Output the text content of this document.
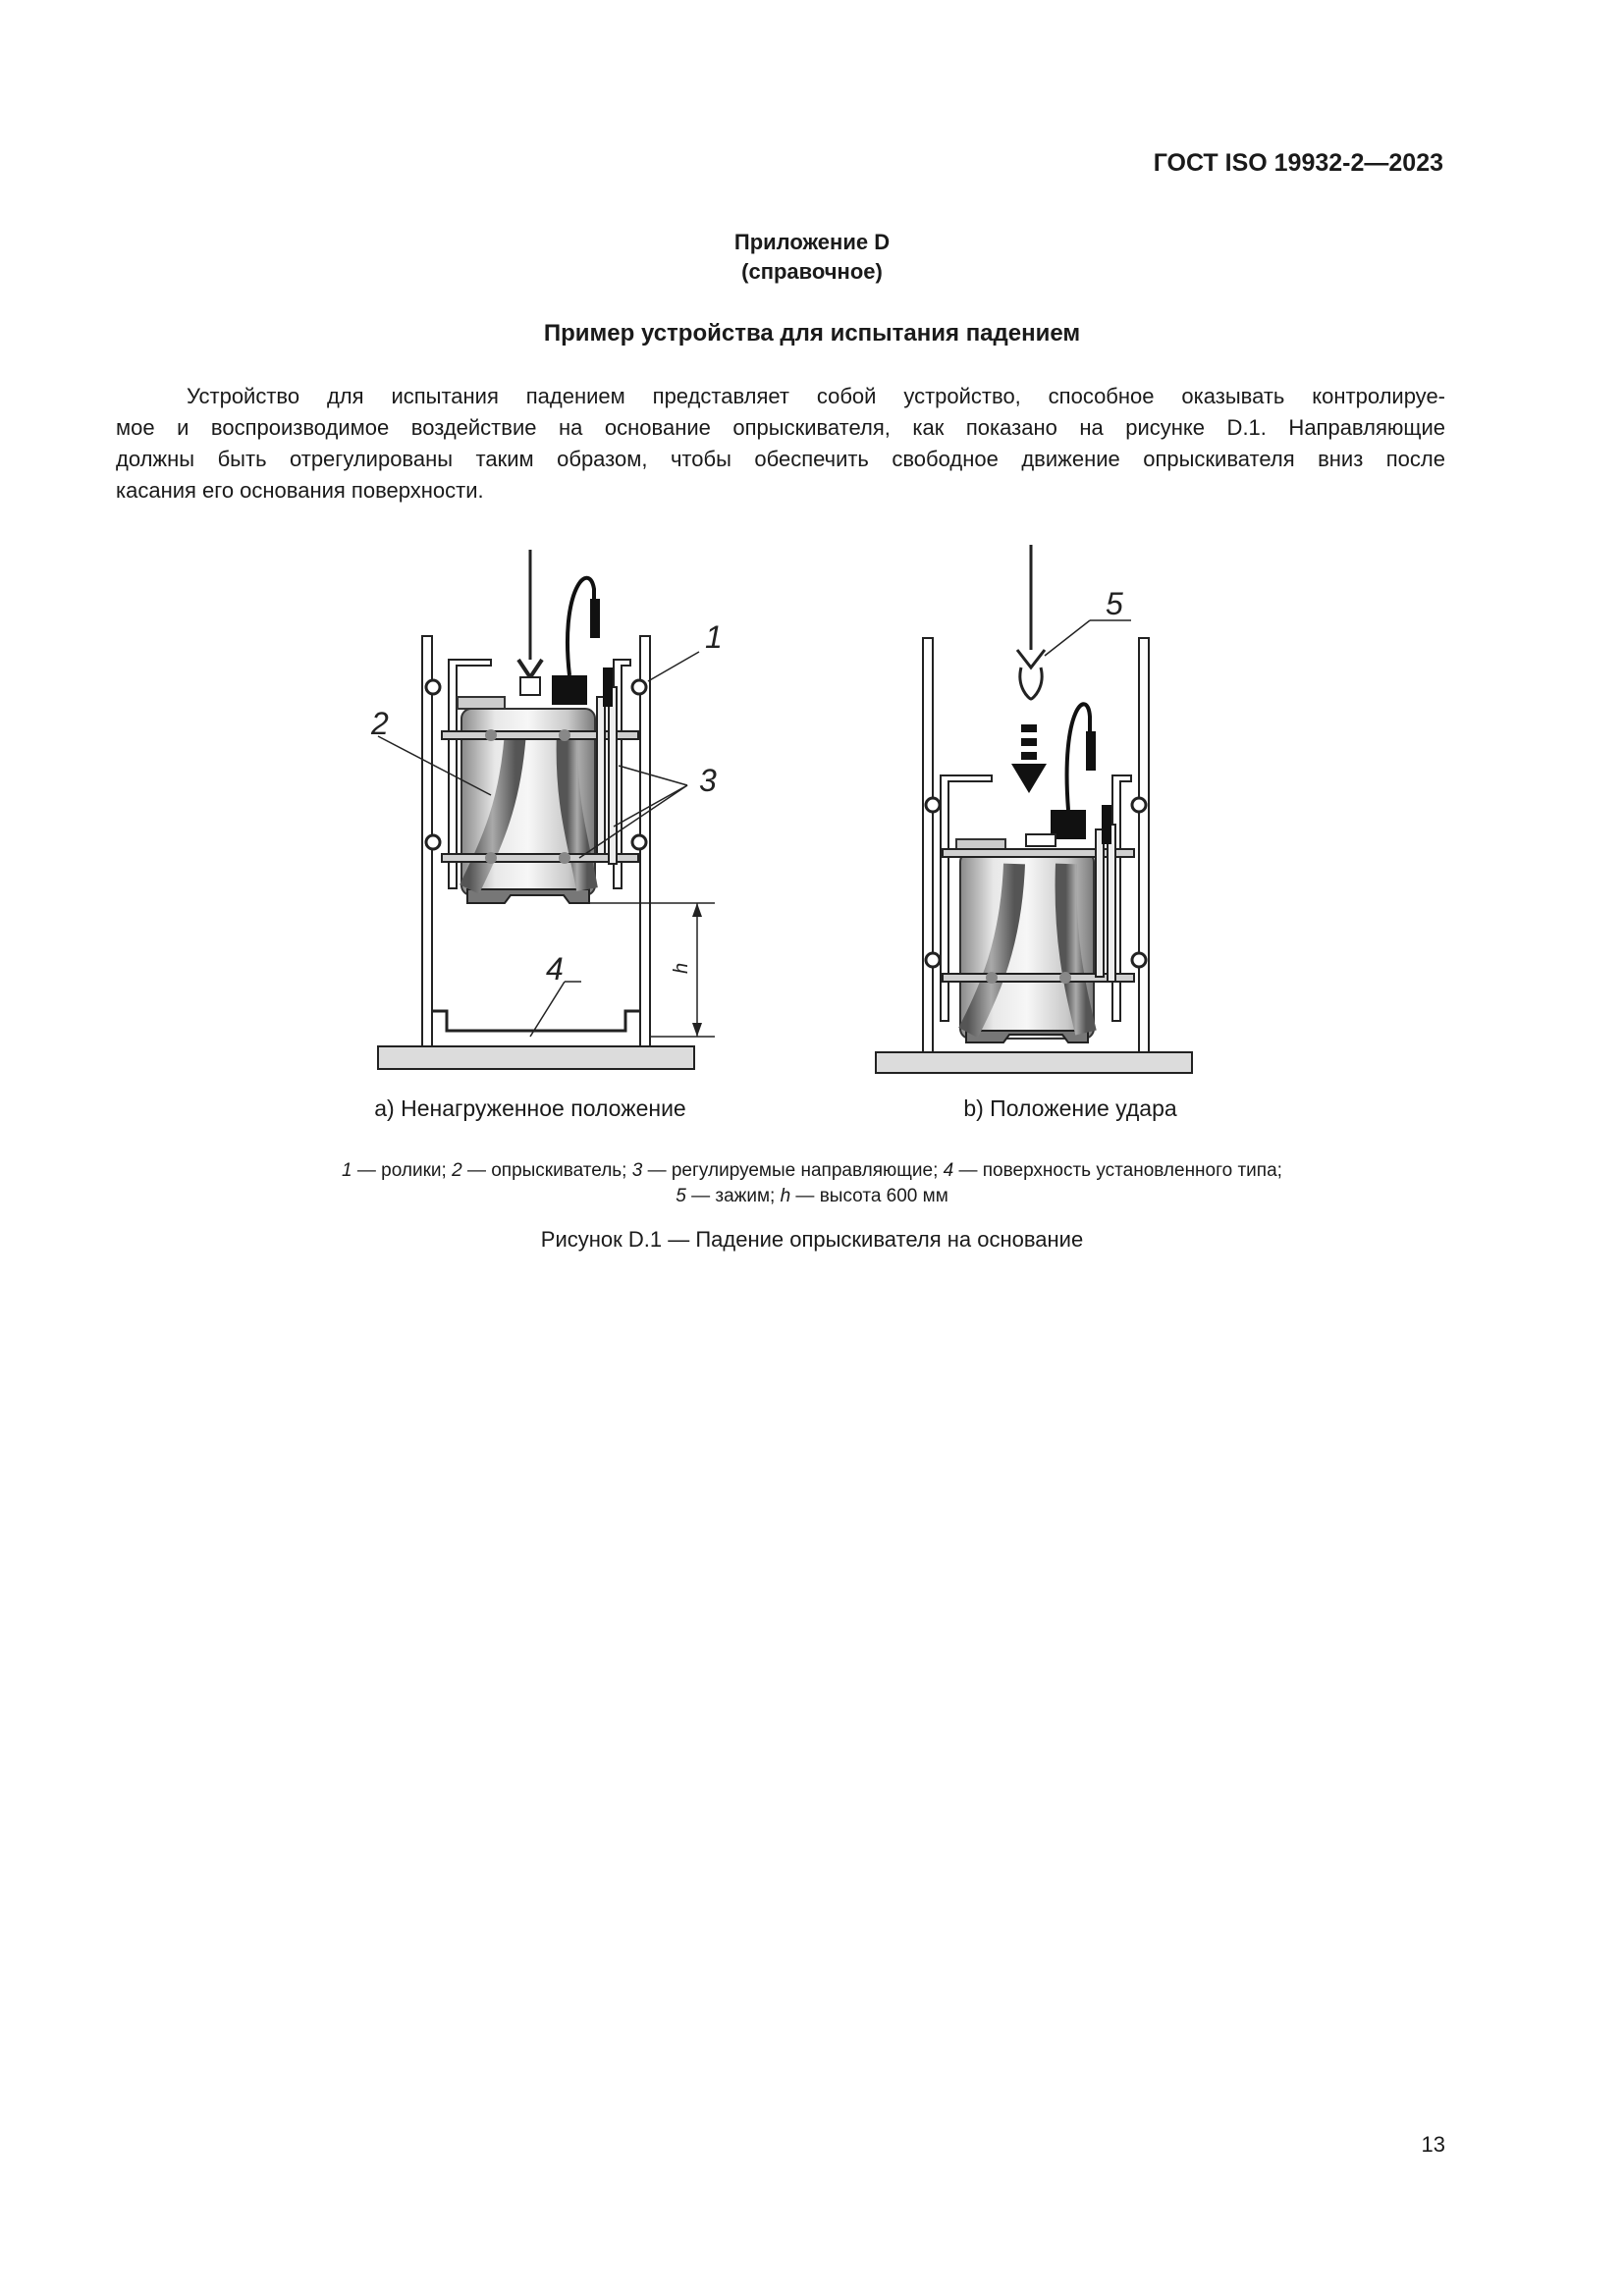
ГОСТ ISO 19932-2—2023
Приложение D
(справочное)
Пример устройства для испытания падением
Устройство для испытания падением представляет собой устройство, способное оказывать контролируе-
мое и воспроизводимое воздействие на основание опрыскивателя, как показано на рисунке D.1. Направляющие
должны быть отрегулированы таким образом, чтобы обеспечить свободное движение опрыскивателя вниз после
касания его основания поверхности.
1
2
3
4	h
5
а) Ненагруженное положение	b) Положение удара
1 — ролики; 2 — опрыскиватель; 3 — регулируемые направляющие; 4 — поверхность установленного типа;
5 — зажим; h — высота 600 мм
Рисунок D.1 — Падение опрыскивателя на основание
13
